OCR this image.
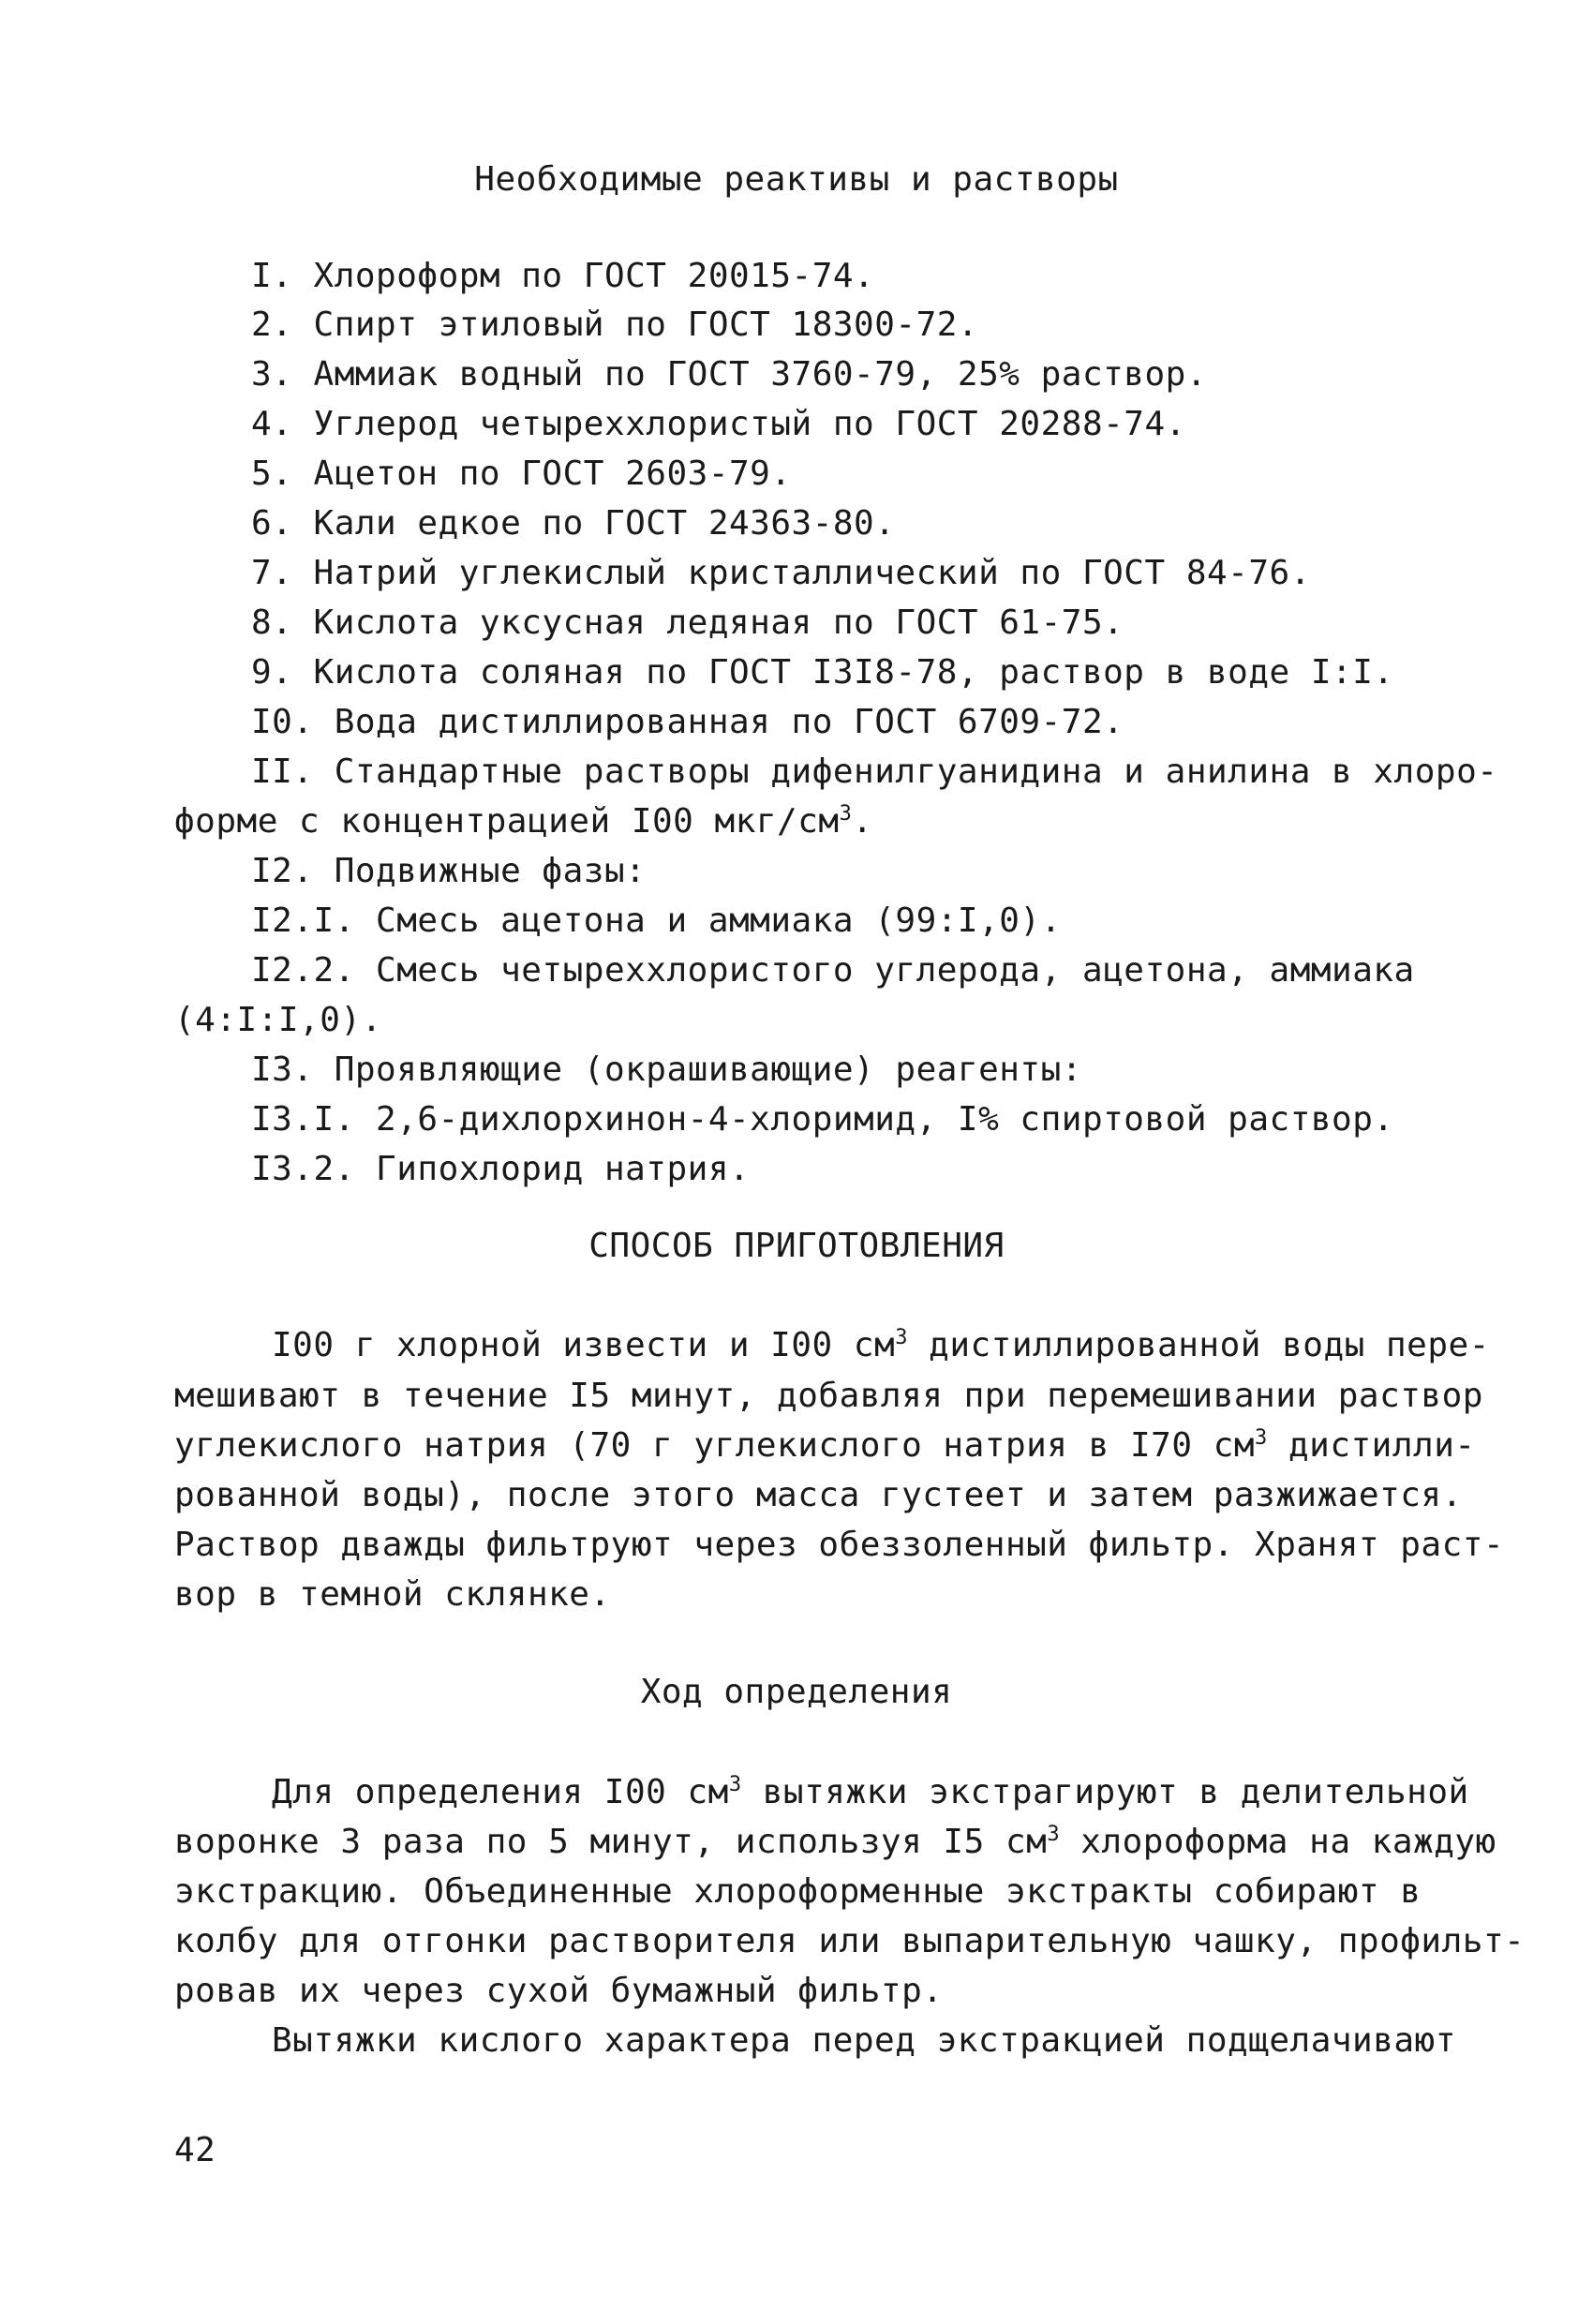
Необходимые реактивы и растворы
I. Хлороформ по ГОСТ 20015-74.
2. Спирт этиловый по ГОСТ 18300-72.
3. Аммиак водный по ГОСТ 3760-79, 25% раствор.
4. Углерод четыреххлористый по ГОСТ 20288-74.
5. Ацетон по ГОСТ 2603-79.
6. Кали едкое по ГОСТ 24363-80.
7. Натрий углекислый кристаллический по ГОСТ 84-76.
8. Кислота уксусная ледяная по ГОСТ 61-75.
9. Кислота соляная по ГОСТ I3I8-78, раствор в воде I:I.
I0. Вода дистиллированная по ГОСТ 6709-72.
II. Стандартные растворы дифенилгуанидина и анилина в хлоро-
форме с концентрацией I00 мкг/$см^3$.
I2. Подвижные фазы:
I2.I. Смесь ацетона и аммиака (99:I,0).
I2.2. Смесь четыреххлористого углерода, ацетона, аммиака
(4:I:I,0).
I3. Проявляющие (окрашивающие) реагенты:
I3.I. 2,6-дихлорхинон-4-хлоримид, I% спиртовой раствор.
I3.2. Гипохлорид натрия.
СПОСОБ ПРИГОТОВЛЕНИЯ
I00 г хлорной извести и I00 $см^3$ дистиллированной воды пере-
мешивают в течение I5 минут, добавляя при перемешивании раствор
углекислого натрия (70 г углекислого натрия в I70 $см^3$ дистилли-
рованной воды), после этого масса густеет и затем разжижается.
Раствор дважды фильтруют через обеззоленный фильтр. Хранят раст-
вор в темной склянке.
Ход определения
Для определения I00 $см^3$ вытяжки экстрагируют в делительной
воронке 3 раза по 5 минут, используя I5 $см^3$ хлороформа на каждую
экстракцию. Объединенные хлороформенные экстракты собирают в
колбу для отгонки растворителя или выпарительную чашку, профильт-
ровав их через сухой бумажный фильтр.
Вытяжки кислого характера перед экстракцией подщелачивают
42
